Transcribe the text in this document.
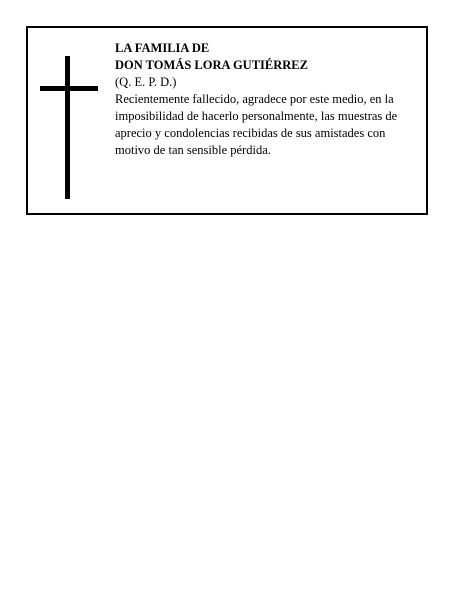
LA FAMILIA DE
DON TOMÁS LORA GUTIÉRREZ
(Q. E. P. D.)

Recientemente fallecido, agradece por este medio, en la imposibilidad de hacerlo personalmente, las muestras de aprecio y condolencias recibidas de sus amistades con motivo de tan sensible pérdida.
